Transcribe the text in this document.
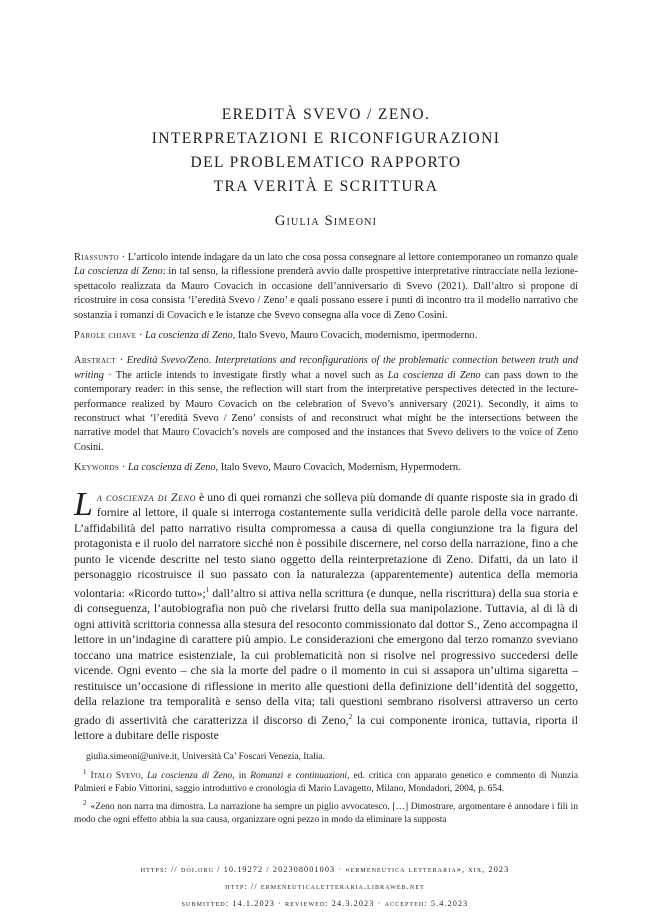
EREDITÀ SVEVO / ZENO.
INTERPRETAZIONI E RICONFIGURAZIONI
DEL PROBLEMATICO RAPPORTO
TRA VERITÀ E SCRITTURA
Giulia Simeoni

Riassunto · L’articolo intende indagare da un lato che cosa possa consegnare al lettore contemporaneo un romanzo quale La coscienza di Zeno: in tal senso, la riflessione prenderà avvio dalle prospettive interpretative rintracciate nella lezione-spettacolo realizzata da Mauro Covacich in occasione dell’anniversario di Svevo (2021). Dall’altro si propone di ricostruire in cosa consista ‘l’eredità Svevo / Zeno’ e quali possano essere i punti di incontro tra il modello narrativo che sostanzia i romanzi di Covacich e le istanze che Svevo consegna alla voce di Zeno Cosini.

Parole chiave · La coscienza di Zeno, Italo Svevo, Mauro Covacich, modernismo, ipermoderno.

Abstract · Eredità Svevo/Zeno. Interpretations and reconfigurations of the problematic connection between truth and writing · The article intends to investigate firstly what a novel such as La coscienza di Zeno can pass down to the contemporary reader: in this sense, the reflection will start from the interpretative perspectives detected in the lecture-performance realized by Mauro Covacich on the celebration of Svevo’s anniversary (2021). Secondly, it aims to reconstruct what ‘l’eredità Svevo / Zeno’ consists of and reconstruct what might be the intersections between the narrative model that Mauro Covacich’s novels are composed and the instances that Svevo delivers to the voice of Zeno Cosini.

Keywords · La coscienza di Zeno, Italo Svevo, Mauro Covacich, Modernism, Hypermodern.

La coscienza di Zeno è uno di quei romanzi che solleva più domande di quante risposte sia in grado di fornire al lettore, il quale si interroga costantemente sulla veridicità delle parole della voce narrante. L’affidabilità del patto narrativo risulta compromessa a causa di quella congiunzione tra la figura del protagonista e il ruolo del narratore sicché non è possibile discernere, nel corso della narrazione, fino a che punto le vicende descritte nel testo siano oggetto della reinterpretazione di Zeno. Difatti, da un lato il personaggio ricostruisce il suo passato con la naturalezza (apparentemente) autentica della memoria volontaria: «Ricordo tutto»;$^1$ dall’altro si attiva nella scrittura (e dunque, nella riscrittura) della sua storia e di conseguenza, l’autobiografia non può che rivelarsi frutto della sua manipolazione. Tuttavia, al di là di ogni attività scrittoria connessa alla stesura del resoconto commissionato dal dottor S., Zeno accompagna il lettore in un’indagine di carattere più ampio. Le considerazioni che emergono dal terzo romanzo sveviano toccano una matrice esistenziale, la cui problematicità non si risolve nel progressivo succedersi delle vicende. Ogni evento – che sia la morte del padre o il momento in cui si assapora un’ultima sigaretta – restituisce un’occasione di riflessione in merito alle questioni della definizione dell’identità del soggetto, della relazione tra temporalità e senso della vita; tali questioni sembrano risolversi attraverso un certo grado di assertività che caratterizza il discorso di Zeno,$^2$ la cui componente ironica, tuttavia, riporta il lettore a dubitare delle risposte

giulia.simeoni@unive.it, Università Ca’ Foscari Venezia, Italia.

$^1$ Italo Svevo, La coscienza di Zeno, in Romanzi e continuazioni, ed. critica con apparato genetico e commento di Nunzia Palmieri e Fabio Vittorini, saggio introduttivo e cronologia di Mario Lavagetto, Milano, Mondadori, 2004, p. 654.

$^2$ «Zeno non narra ma dimostra. La narrazione ha sempre un piglio avvocatesco. […] Dimostrare, argomentare è annodare i fili in modo che ogni effetto abbia la sua causa, organizzare ogni pezzo in modo da eliminare la supposta

https: // doi.org / 10.19272 / 202308001003 · «ermeneutica letteraria», xix, 2023
http: // ermeneuticaletteraria.libraweb.net
submitted: 14.1.2023 · reviewed: 24.3.2023 · accepted: 5.4.2023
